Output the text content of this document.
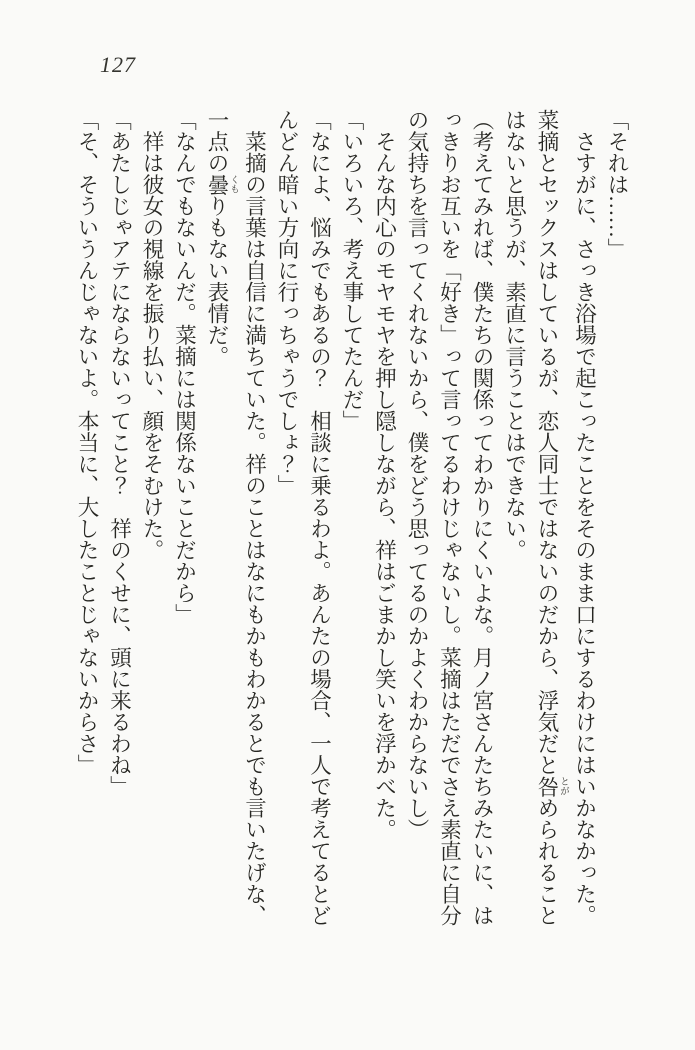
127

「それは……」

　さすがに、さっき浴場で起こったことをそのまま口にするわけにはいかなかった。

菜摘とセックスはしているが、恋人同士ではないのだから、浮気だと咎 とがめられること

はないと思うが、素直に言うことはできない。

（考えてみれば、僕たちの関係ってわかりにくいよな。月ノ宮さんたちみたいに、は

っきりお互いを「好き」って言ってるわけじゃないし。菜摘はただでさえ素直に自分

の気持ちを言ってくれないから、僕をどう思ってるのかよくわからないし）

　そんな内心のモヤモヤを押し隠しながら、祥はごまかし笑いを浮かべた。

「いろいろ、考え事してたんだ」

「なによ、悩みでもあるの？　相談に乗るわよ。あんたの場合、一人で考えてるとど

んどん暗い方向に行っちゃうでしょ？」

　菜摘の言葉は自信に満ちていた。祥のことはなにもかもわかるとでも言いたげな、

一点の曇 くもりもない表情だ。

「なんでもないんだ。菜摘には関係ないことだから」

　祥は彼女の視線を振り払い、顔をそむけた。

「あたしじゃアテにならないってこと？　祥のくせに、頭に来るわね」

「そ、そういうんじゃないよ。本当に、大したことじゃないからさ」
